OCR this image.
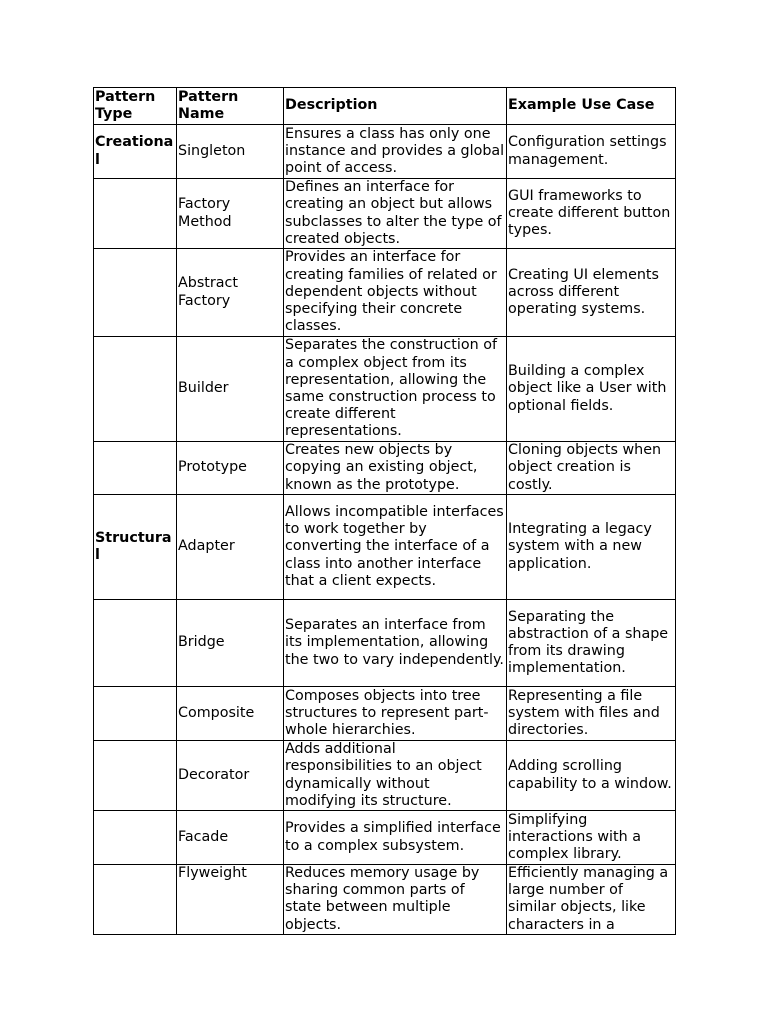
Pattern Type	Pattern Name	Description	Example Use Case
Creational	Singleton	Ensures a class has only one instance and provides a global point of access.	Configuration settings management.
	Factory Method	Defines an interface for creating an object but allows subclasses to alter the type of created objects.	GUI frameworks to create different button types.
	Abstract Factory	Provides an interface for creating families of related or dependent objects without specifying their concrete classes.	Creating UI elements across different operating systems.
	Builder	Separates the construction of a complex object from its representation, allowing the same construction process to create different representations.	Building a complex object like a User with optional fields.
	Prototype	Creates new objects by copying an existing object, known as the prototype.	Cloning objects when object creation is costly.
Structural	Adapter	Allows incompatible interfaces to work together by converting the interface of a class into another interface that a client expects.	Integrating a legacy system with a new application.
	Bridge	Separates an interface from its implementation, allowing the two to vary independently.	Separating the abstraction of a shape from its drawing implementation.
	Composite	Composes objects into tree structures to represent part-whole hierarchies.	Representing a file system with files and directories.
	Decorator	Adds additional responsibilities to an object dynamically without modifying its structure.	Adding scrolling capability to a window.
	Facade	Provides a simplified interface to a complex subsystem.	Simplifying interactions with a complex library.
	Flyweight	Reduces memory usage by sharing common parts of state between multiple objects.	Efficiently managing a large number of similar objects, like characters in a
